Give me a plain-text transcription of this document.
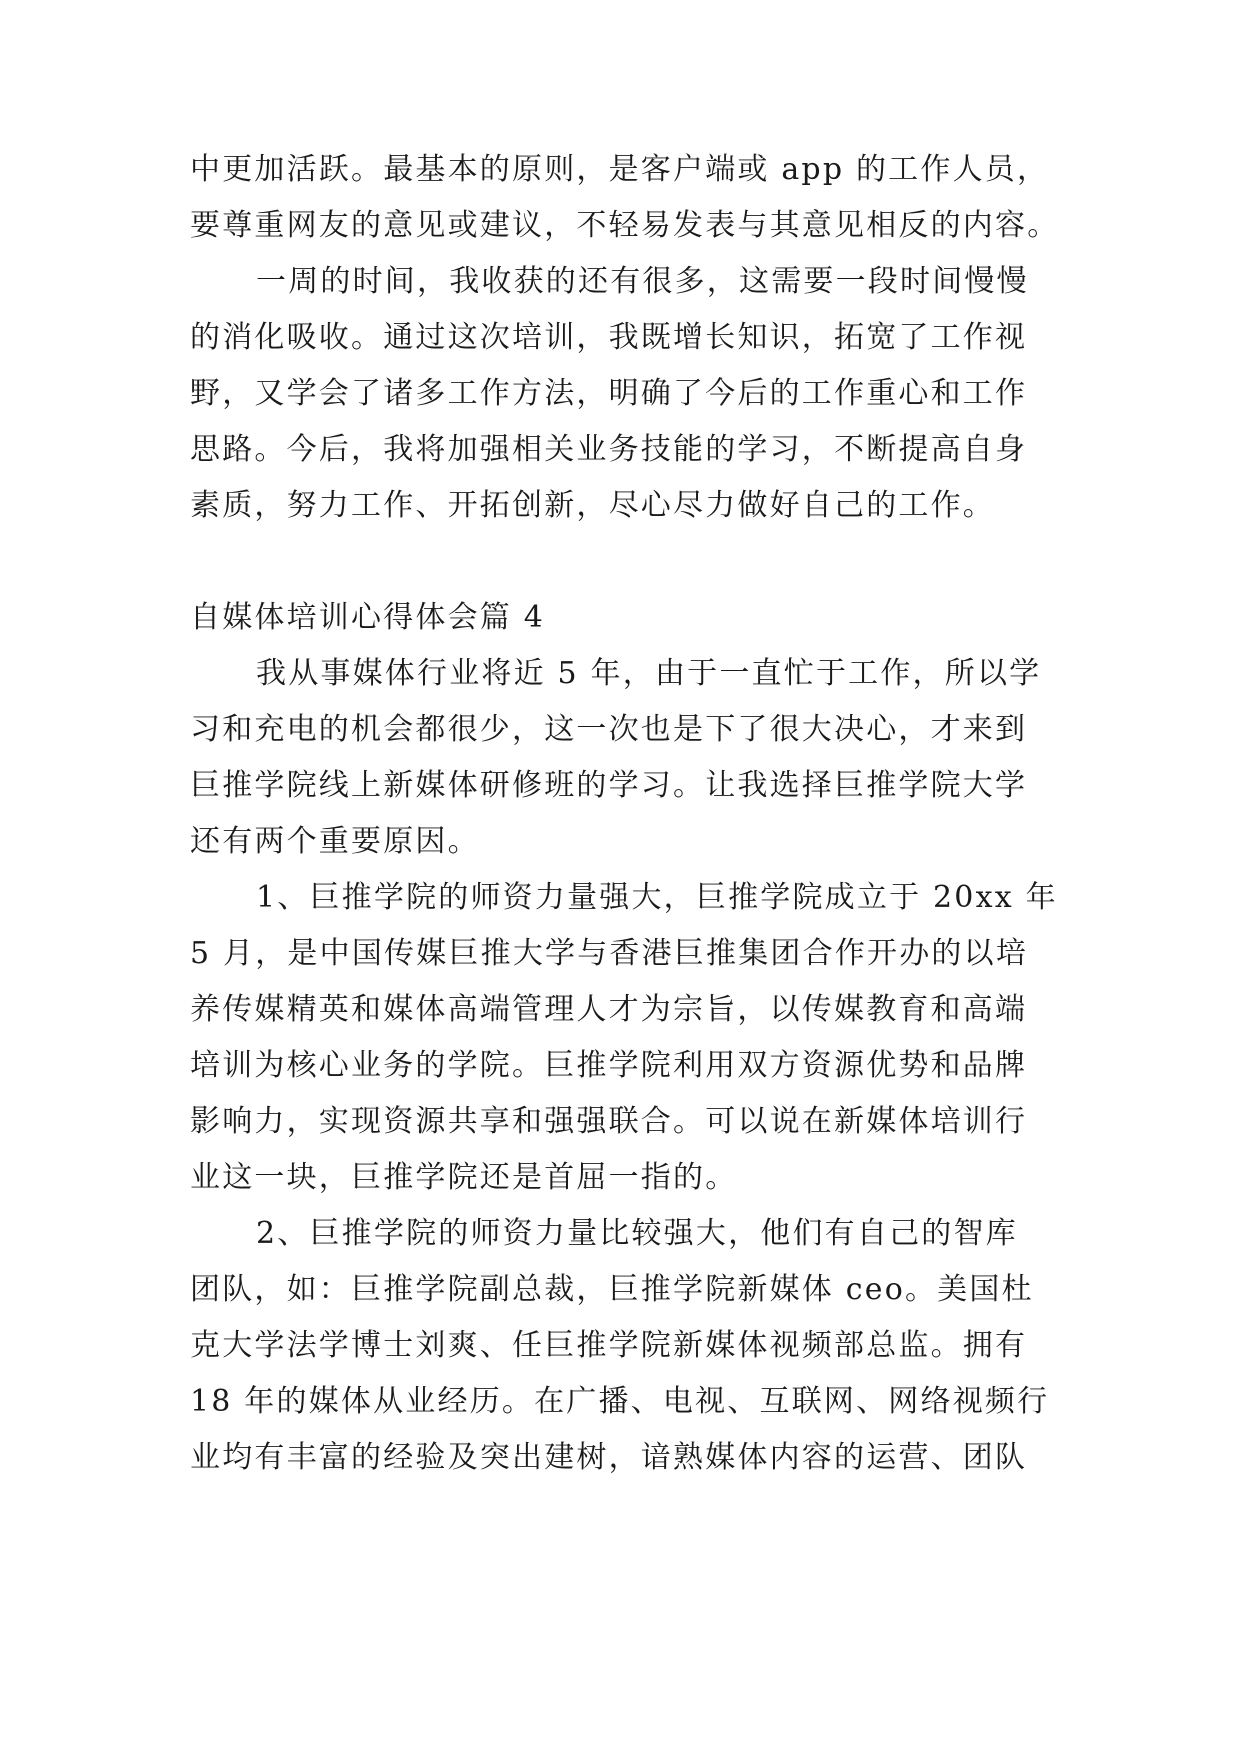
中更加活跃。最基本的原则，是客户端或 app 的工作人员，
要尊重网友的意见或建议，不轻易发表与其意见相反的内容。
一周的时间，我收获的还有很多，这需要一段时间慢慢
的消化吸收。通过这次培训，我既增长知识，拓宽了工作视
野，又学会了诸多工作方法，明确了今后的工作重心和工作
思路。今后，我将加强相关业务技能的学习，不断提高自身
素质，努力工作、开拓创新，尽心尽力做好自己的工作。
自媒体培训心得体会篇 4
我从事媒体行业将近 5 年，由于一直忙于工作，所以学
习和充电的机会都很少，这一次也是下了很大决心，才来到
巨推学院线上新媒体研修班的学习。让我选择巨推学院大学
还有两个重要原因。
1、巨推学院的师资力量强大，巨推学院成立于 20xx 年
5 月，是中国传媒巨推大学与香港巨推集团合作开办的以培
养传媒精英和媒体高端管理人才为宗旨，以传媒教育和高端
培训为核心业务的学院。巨推学院利用双方资源优势和品牌
影响力，实现资源共享和强强联合。可以说在新媒体培训行
业这一块，巨推学院还是首屈一指的。
2、巨推学院的师资力量比较强大，他们有自己的智库
团队，如：巨推学院副总裁，巨推学院新媒体 ceo。美国杜
克大学法学博士刘爽、任巨推学院新媒体视频部总监。拥有
18 年的媒体从业经历。在广播、电视、互联网、网络视频行
业均有丰富的经验及突出建树，谙熟媒体内容的运营、团队
